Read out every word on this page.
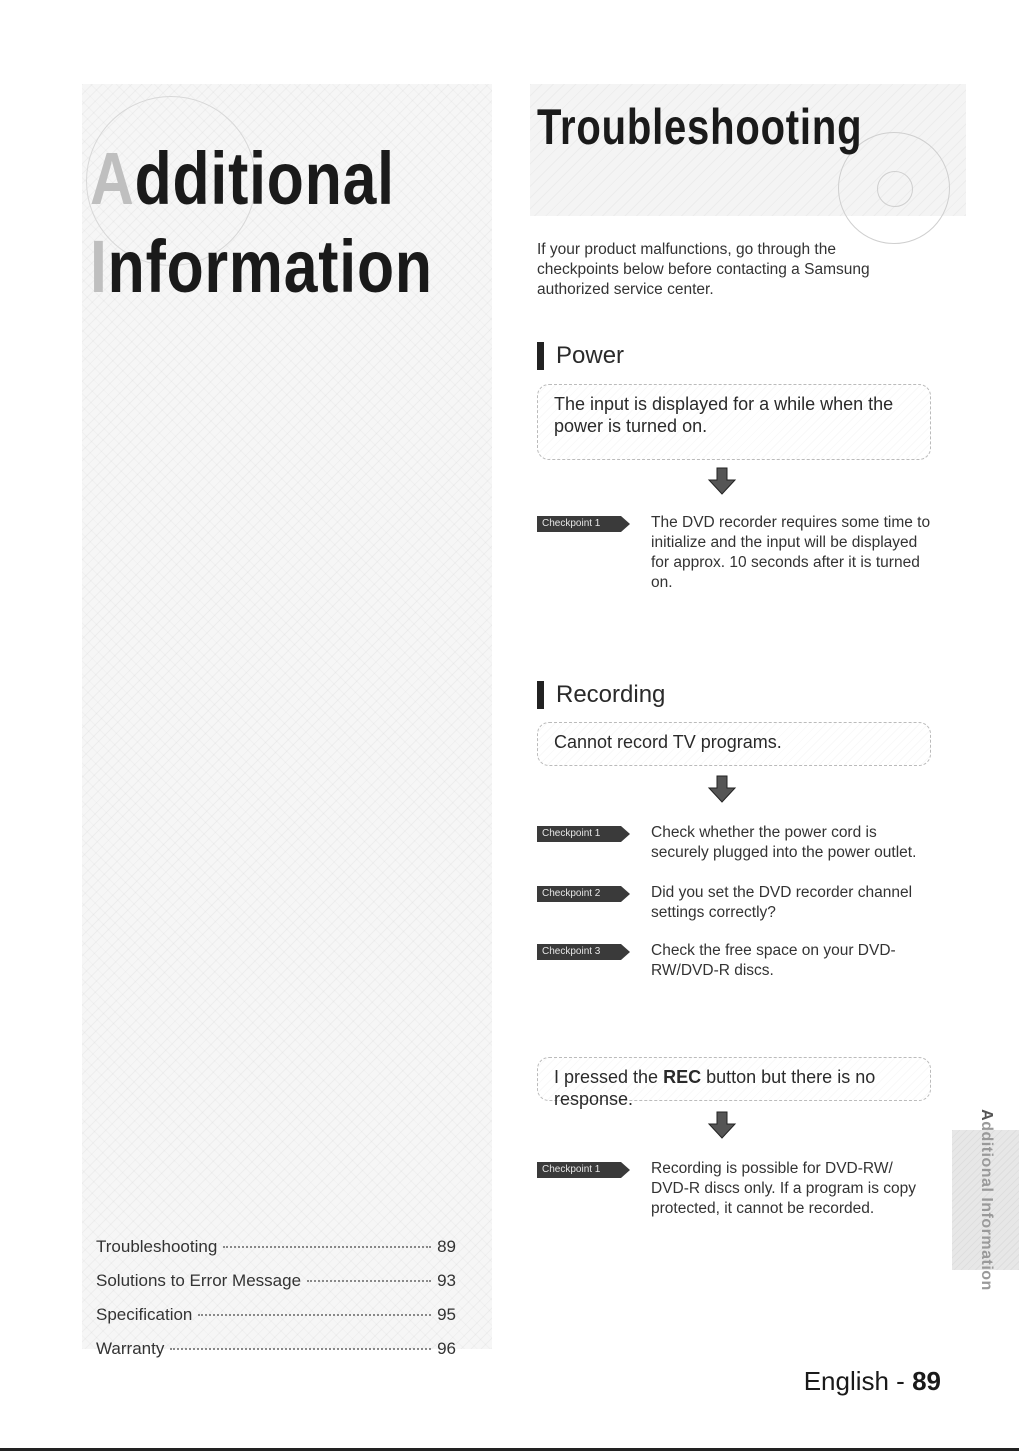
Additional
Information
Troubleshooting	89
Solutions to Error Message	93
Specification	95
Warranty	96
Troubleshooting

If your product malfunctions, go through the checkpoints below before contacting a Samsung authorized service center.

Power
The input is displayed for a while when the power is turned on.
Checkpoint 1	The DVD recorder requires some time to initialize and the input will be displayed for approx. 10 seconds after it is turned on.
Recording
Cannot record TV programs.
Checkpoint 1	Check whether the power cord is securely plugged into the power outlet.
Checkpoint 2	Did you set the DVD recorder channel settings correctly?
Checkpoint 3	Check the free space on your DVD-RW/DVD-R discs.
I pressed the REC button but there is no response.
Checkpoint 1	Recording is possible for DVD-RW/ DVD-R discs only. If a program is copy protected, it cannot be recorded.
Additional Information
English - 89
